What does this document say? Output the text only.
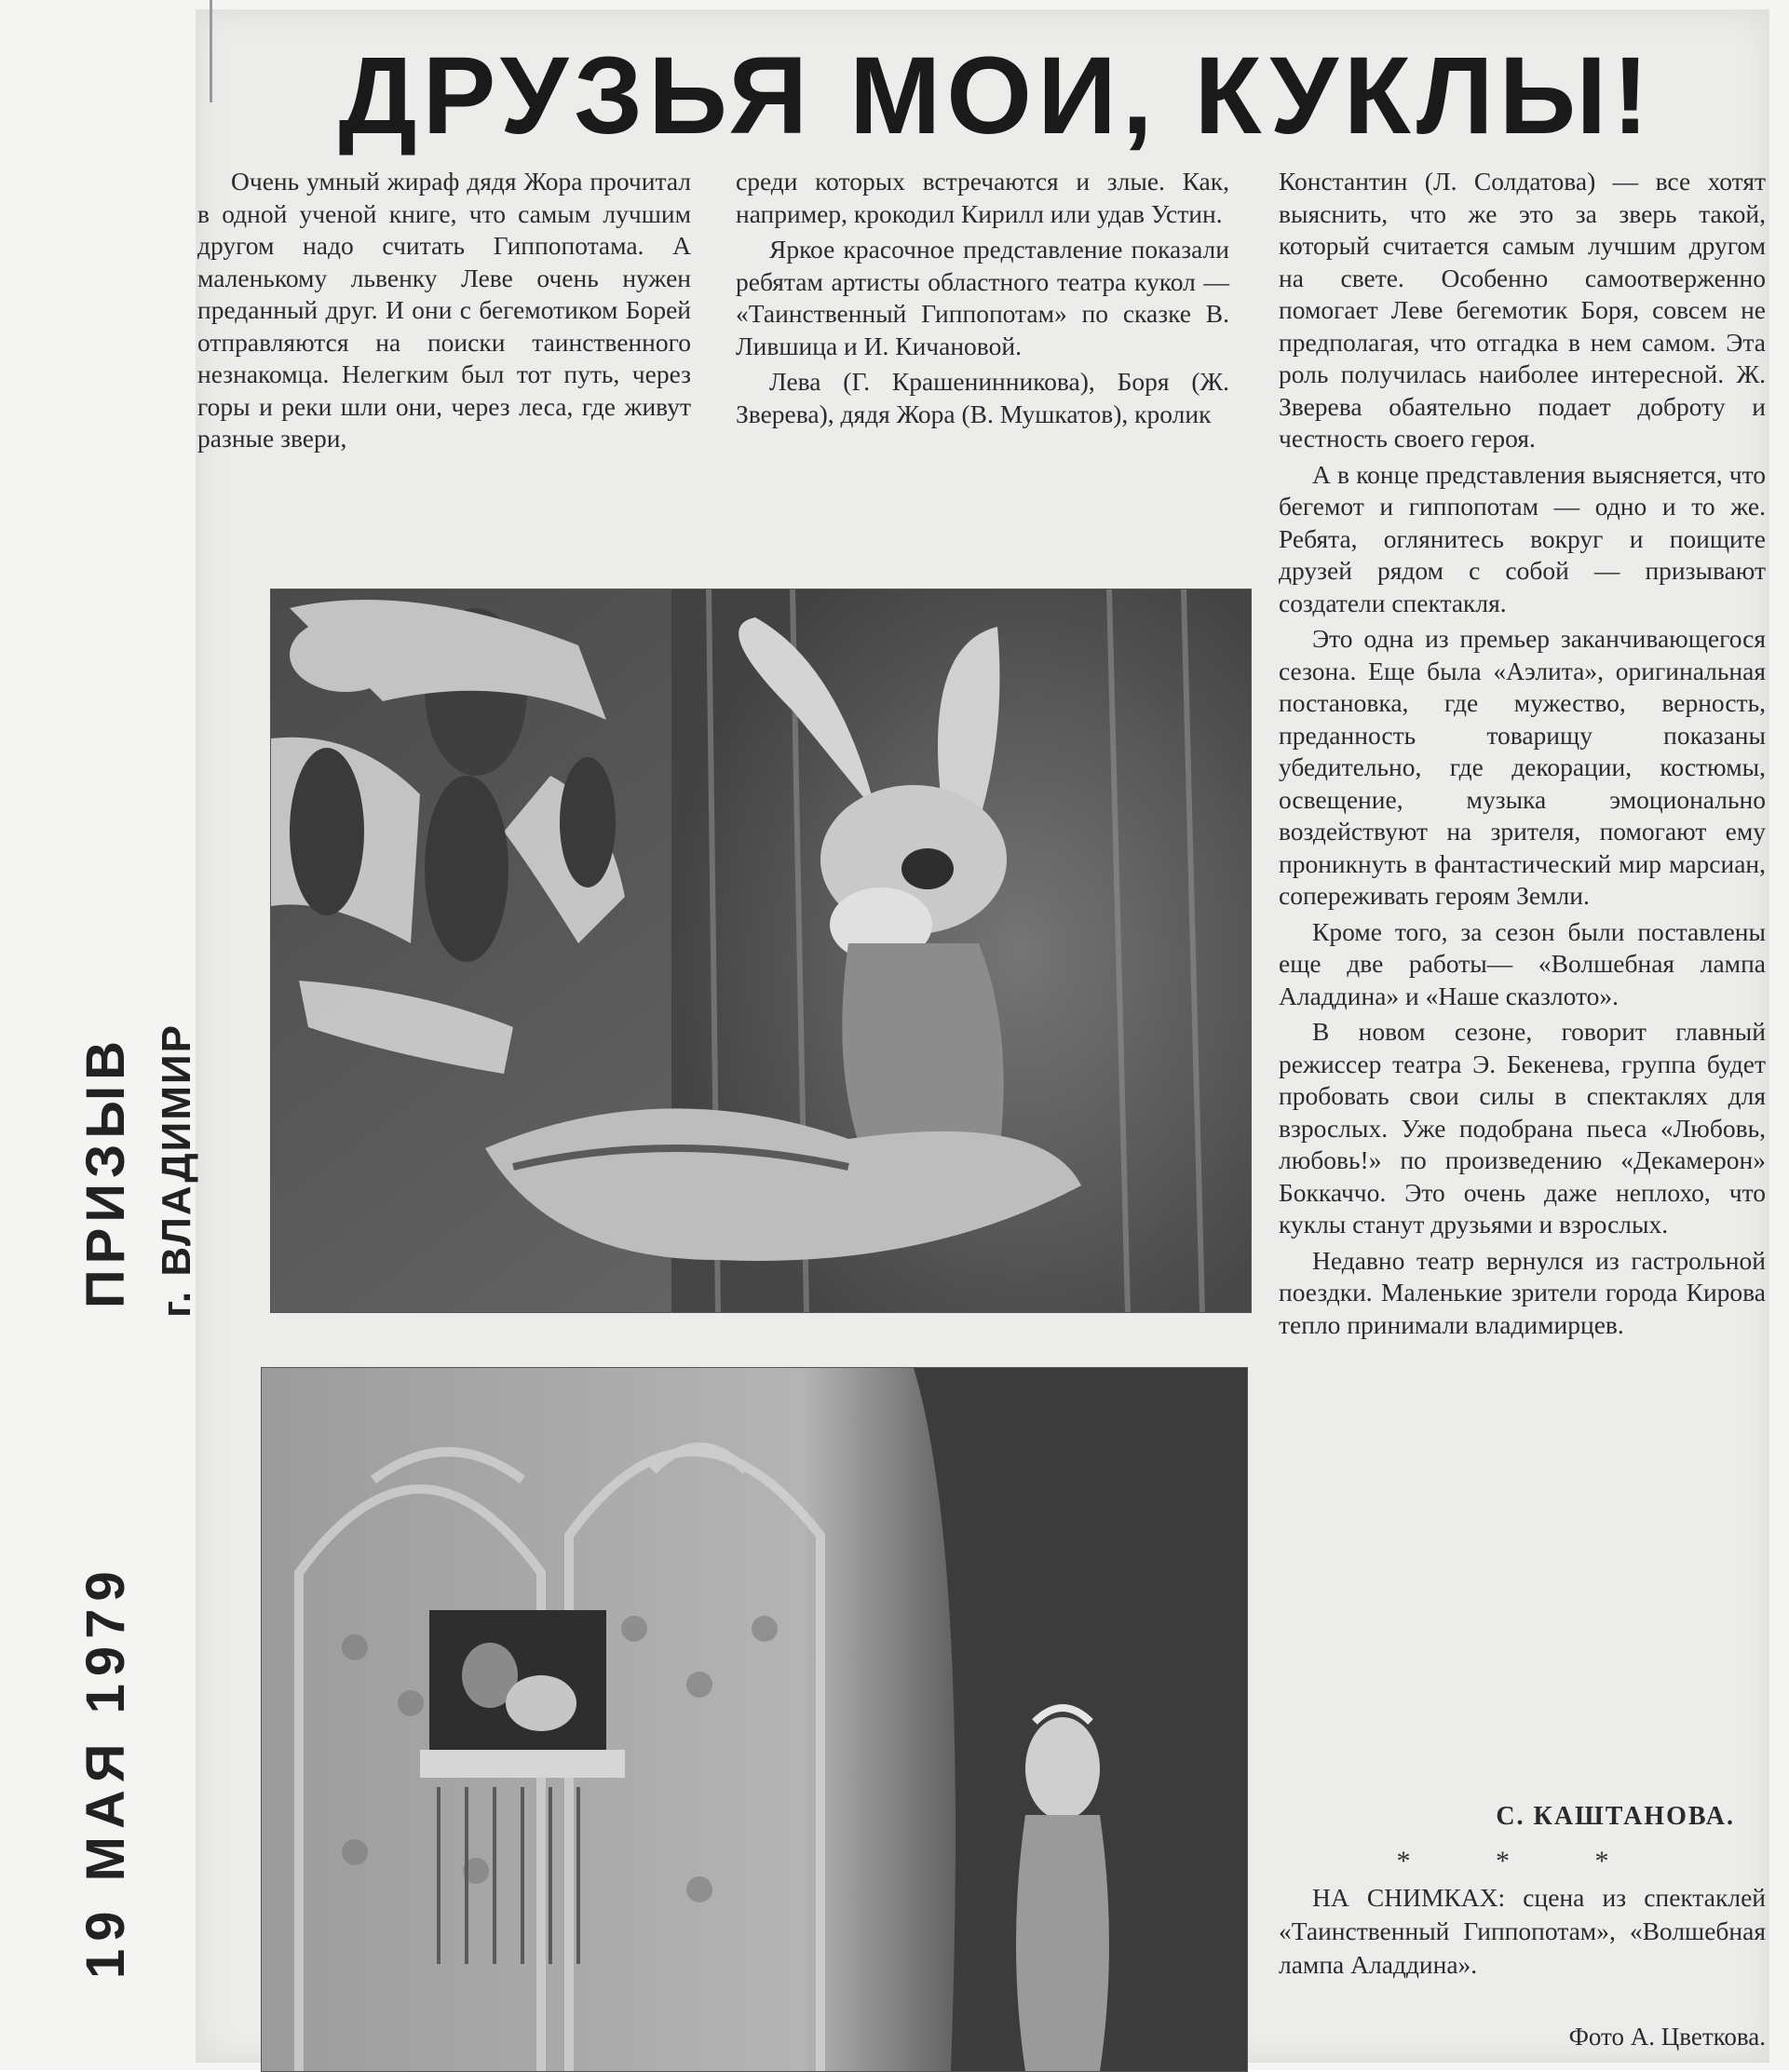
ДРУЗЬЯ МОИ, КУКЛЫ!

Очень умный жираф дядя Жора прочитал в одной ученой книге, что самым лучшим другом надо считать Гиппопотама. А маленькому львенку Леве очень нужен преданный друг. И они с бегемотиком Борей отправляются на поиски таинственного незнакомца. Нелегким был тот путь, через горы и реки шли они, через леса, где живут разные звери,

среди которых встречаются и злые. Как, например, крокодил Кирилл или удав Устин.

Яркое красочное представление показали ребятам артисты областного театра кукол — «Таинственный Гиппопотам» по сказке В. Лившица и И. Кичановой.

Лева (Г. Крашенинникова), Боря (Ж. Зверева), дядя Жора (В. Мушкатов), кролик

Константин (Л. Солдатова) — все хотят выяснить, что же это за зверь такой, который считается самым лучшим другом на свете. Особенно самоотверженно помогает Леве бегемотик Боря, совсем не предполагая, что отгадка в нем самом. Эта роль получилась наиболее интересной. Ж. Зверева обаятельно подает доброту и честность своего героя.

А в конце представления выясняется, что бегемот и гиппопотам — одно и то же. Ребята, оглянитесь вокруг и поищите друзей рядом с собой — призывают создатели спектакля.

Это одна из премьер заканчивающегося сезона. Еще была «Аэлита», оригинальная постановка, где мужество, верность, преданность товарищу показаны убедительно, где декорации, костюмы, освещение, музыка эмоционально воздействуют на зрителя, помогают ему проникнуть в фантастический мир марсиан, сопереживать героям Земли.

Кроме того, за сезон были поставлены еще две работы— «Волшебная лампа Аладдина» и «Наше сказлото».

В новом сезоне, говорит главный режиссер театра Э. Бекенева, группа будет пробовать свои силы в спектаклях для взрослых. Уже подобрана пьеса «Любовь, любовь!» по произведению «Декамерон» Боккаччо. Это очень даже неплохо, что куклы станут друзьями и взрослых.

Недавно театр вернулся из гастрольной поездки. Маленькие зрители города Кирова тепло принимали владимирцев.

С. КАШТАНОВА.
* * *

НА СНИМКАХ: сцена из спектаклей «Таинственный Гиппопотам», «Волшебная лампа Аладдина».

Фото А. Цветкова.
19 МАЯ 1979
ПРИЗЫВ г. ВЛАДИМИР
